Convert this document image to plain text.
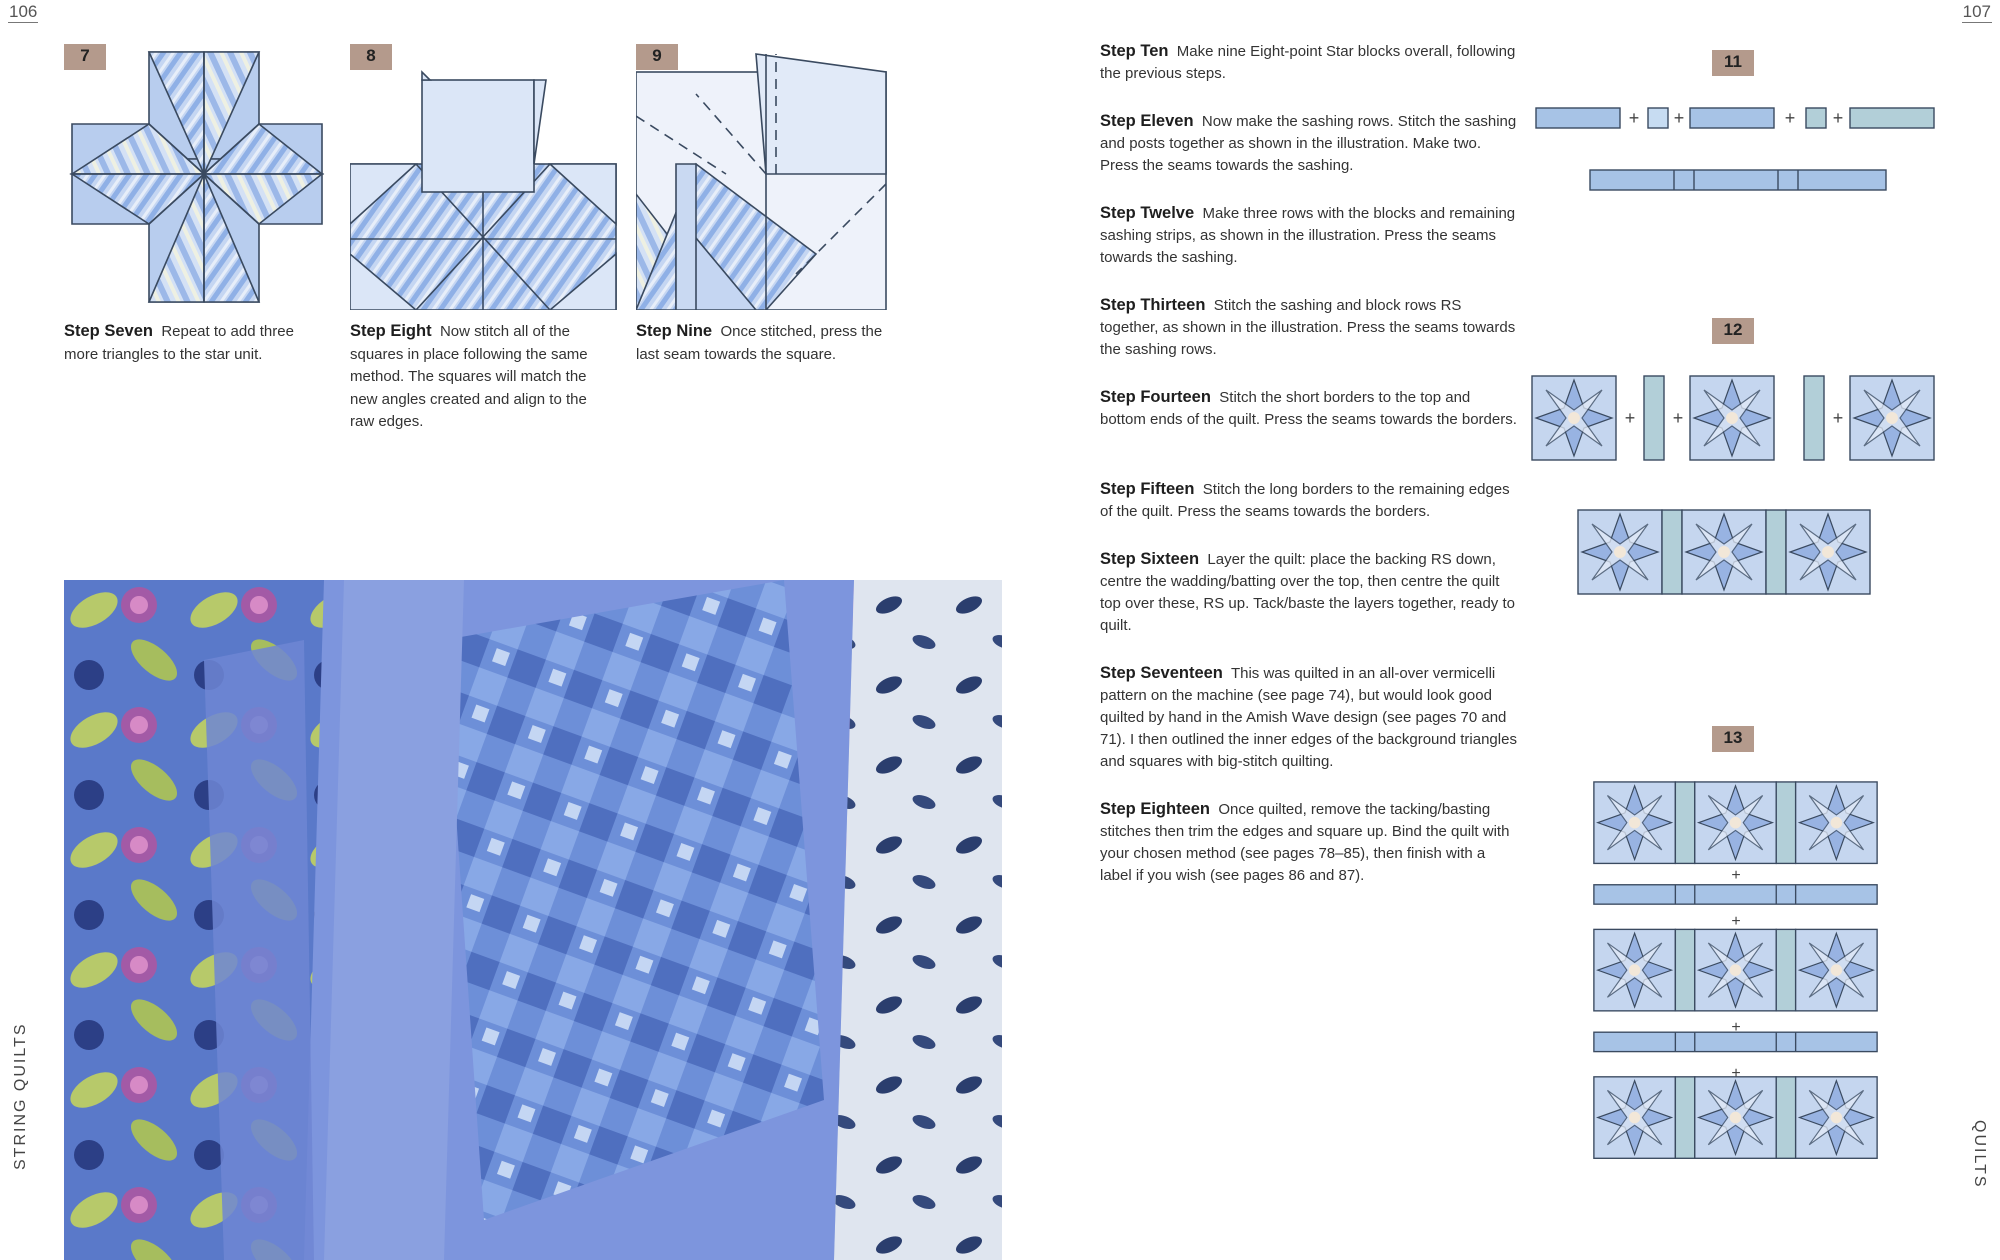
106	107
STRING QUILTS	QUILTS
7	8	9
Step Seven Repeat to add three more triangles to the star unit.
Step Eight Now stitch all of the squares in place following the same method. The squares will match the new angles created and align to the raw edges.
Step Nine Once stitched, press the last seam towards the square.
Step Ten Make nine Eight-point Star blocks overall, following the previous steps.
Step Eleven Now make the sashing rows. Stitch the sashing and posts together as shown in the illustration. Make two. Press the seams towards the sashing.
Step Twelve Make three rows with the blocks and remaining sashing strips, as shown in the illustration. Press the seams towards the sashing.
Step Thirteen Stitch the sashing and block rows RS together, as shown in the illustration. Press the seams towards the sashing rows.
Step Fourteen Stitch the short borders to the top and bottom ends of the quilt. Press the seams towards the borders.
Step Fifteen Stitch the long borders to the remaining edges of the quilt. Press the seams towards the borders.
Step Sixteen Layer the quilt: place the backing RS down, centre the wadding/batting over the top, then centre the quilt top over these, RS up. Tack/baste the layers together, ready to quilt.
Step Seventeen This was quilted in an all-over vermicelli pattern on the machine (see page 74), but would look good quilted by hand in the Amish Wave design (see pages 70 and 71). I then outlined the inner edges of the background triangles and squares with big-stitch quilting.
Step Eighteen Once quilted, remove the tacking/basting stitches then trim the edges and square up. Bind the quilt with your chosen method (see pages 78–85), then finish with a label if you wish (see pages 86 and 87).
11
+ +	+ +
12
+ +	+
13
+
+
+
+
